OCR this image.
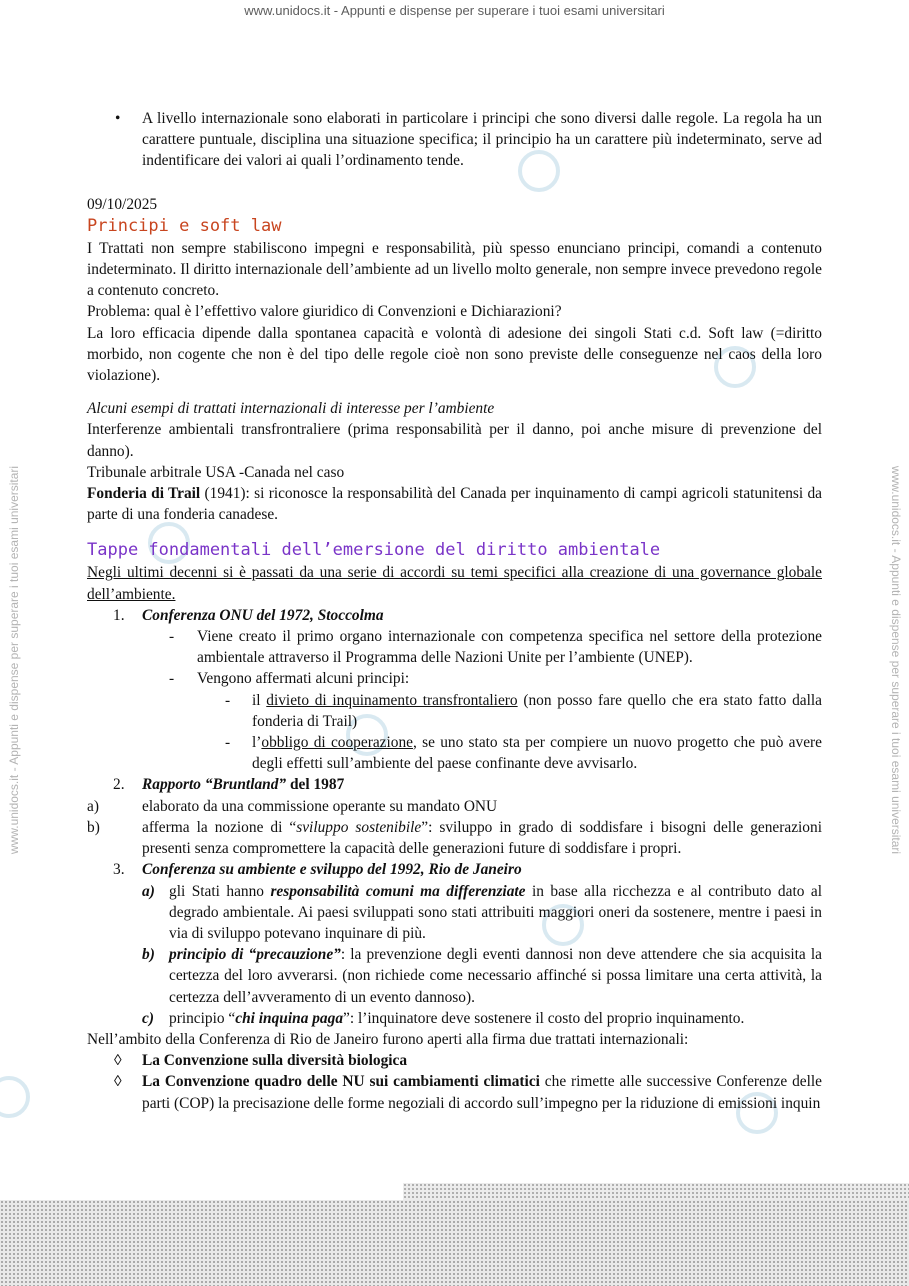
www.unidocs.it - Appunti e dispense per superare i tuoi esami universitari
www.unidocs.it - Appunti e dispense per superare i tuoi esami universitari	www.unidocs.it - Appunti e dispense per superare i tuoi esami universitari
•	A livello internazionale sono elaborati in particolare i principi che sono diversi dalle regole. La regola ha un carattere puntuale, disciplina una situazione specifica; il principio ha un carattere più indeterminato, serve ad indentificare dei valori ai quali l’ordinamento tende.

09/10/2025

Principi e soft law

I Trattati non sempre stabiliscono impegni e responsabilità, più spesso enunciano principi, comandi a contenuto indeterminato. Il diritto internazionale dell’ambiente ad un livello molto generale, non sempre invece prevedono regole a contenuto concreto.

Problema: qual è l’effettivo valore giuridico di Convenzioni e Dichiarazioni?

La loro efficacia dipende dalla spontanea capacità e volontà di adesione dei singoli Stati c.d. Soft law (=diritto morbido, non cogente che non è del tipo delle regole cioè non sono previste delle conseguenze nel caos della loro violazione).

Alcuni esempi di trattati internazionali di interesse per l’ambiente

Interferenze ambientali transfrontraliere (prima responsabilità per il danno, poi anche misure di prevenzione del danno).

Tribunale arbitrale USA -Canada nel caso

Fonderia di Trail (1941): si riconosce la responsabilità del Canada per inquinamento di campi agricoli statunitensi da parte di una fonderia canadese.

Tappe fondamentali dell’emersione del diritto ambientale

Negli ultimi decenni si è passati da una serie di accordi su temi specifici alla creazione di una governance globale dell’ambiente.

1.	Conferenza ONU del 1972, Stoccolma
-	Viene creato il primo organo internazionale con competenza specifica nel settore della protezione ambientale attraverso il Programma delle Nazioni Unite per l’ambiente (UNEP).
-	Vengono affermati alcuni principi:
-	il divieto di inquinamento transfrontaliero (non posso fare quello che era stato fatto dalla fonderia di Trail)
-	l’obbligo di cooperazione, se uno stato sta per compiere un nuovo progetto che può avere degli effetti sull’ambiente del paese confinante deve avvisarlo.
2.	Rapporto “Bruntland” del 1987
a)	elaborato da una commissione operante su mandato ONU
b)	afferma la nozione di “sviluppo sostenibile”: sviluppo in grado di soddisfare i bisogni delle generazioni presenti senza compromettere la capacità delle generazioni future di soddisfare i propri.
3.	Conferenza su ambiente e sviluppo del 1992, Rio de Janeiro
a) gli Stati hanno responsabilità comuni ma differenziate in base alla ricchezza e al contributo dato al degrado ambientale. Ai paesi sviluppati sono stati attribuiti maggiori oneri da sostenere, mentre i paesi in via di sviluppo potevano inquinare di più.
b) principio di “precauzione”: la prevenzione degli eventi dannosi non deve attendere che sia acquisita la certezza del loro avverarsi. (non richiede come necessario affinché si possa limitare una certa attività, la certezza dell’avveramento di un evento dannoso).
c) principio “chi inquina paga”: l’inquinatore deve sostenere il costo del proprio inquinamento.

Nell’ambito della Conferenza di Rio de Janeiro furono aperti alla firma due trattati internazionali:

◊	La Convenzione sulla diversità biologica
◊	La Convenzione quadro delle NU sui cambiamenti climatici che rimette alle successive Conferenze delle parti (COP) la precisazione delle forme negoziali di accordo sull’impegno per la riduzione di emissioni inquin
